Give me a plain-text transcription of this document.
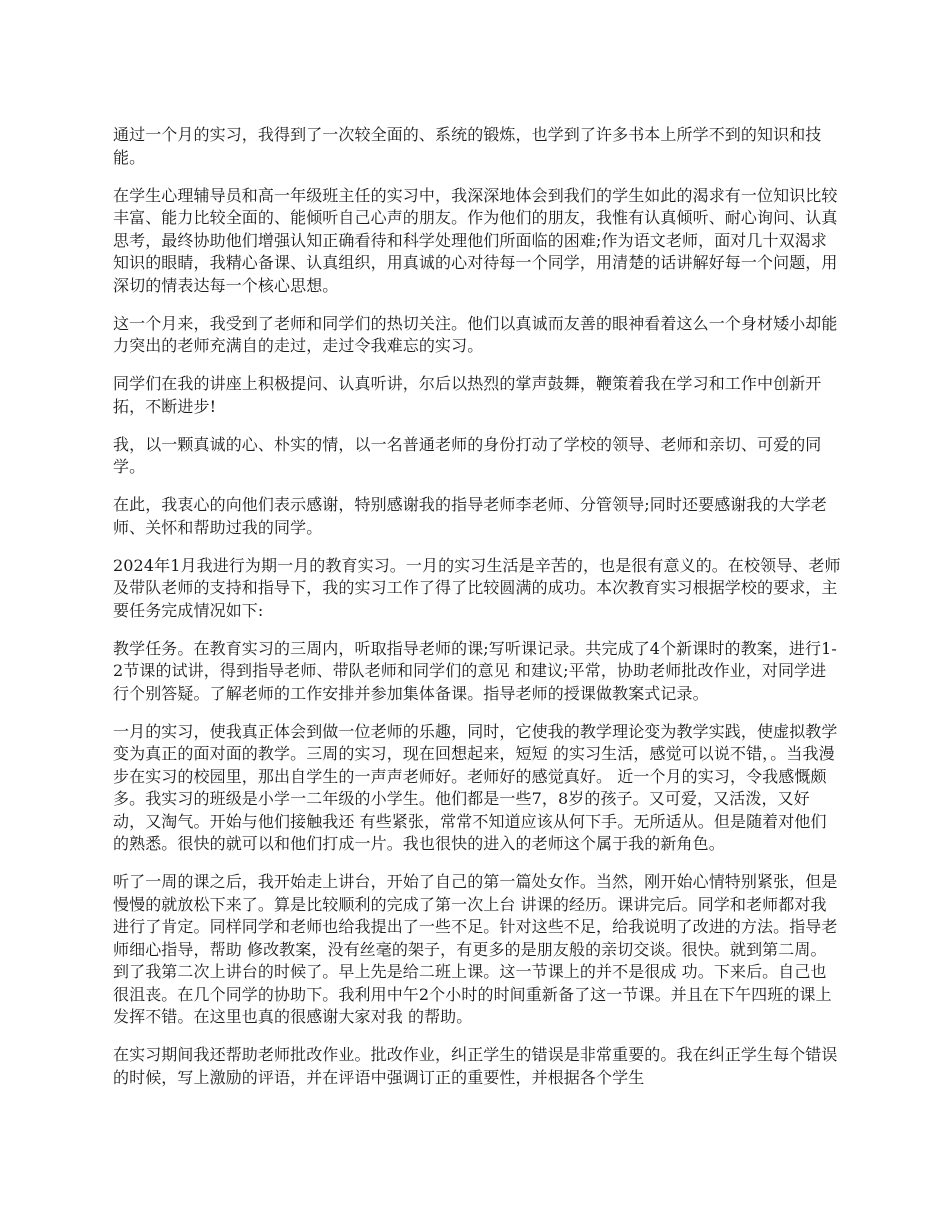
通过一个月的实习，我得到了一次较全面的、系统的锻炼，也学到了许多书本上所学不到的知识和技能。

在学生心理辅导员和高一年级班主任的实习中，我深深地体会到我们的学生如此的渴求有一位知识比较丰富、能力比较全面的、能倾听自己心声的朋友。作为他们的朋友，我惟有认真倾听、耐心询问、认真思考，最终协助他们增强认知正确看待和科学处理他们所面临的困难;作为语文老师，面对几十双渴求知识的眼睛，我精心备课、认真组织，用真诚的心对待每一个同学，用清楚的话讲解好每一个问题，用深切的情表达每一个核心思想。

这一个月来，我受到了老师和同学们的热切关注。他们以真诚而友善的眼神看着这么一个身材矮小却能力突出的老师充满自的走过，走过令我难忘的实习。

同学们在我的讲座上积极提问、认真听讲，尔后以热烈的掌声鼓舞，鞭策着我在学习和工作中创新开拓，不断进步!

我，以一颗真诚的心、朴实的情，以一名普通老师的身份打动了学校的领导、老师和亲切、可爱的同学。

在此，我衷心的向他们表示感谢，特别感谢我的指导老师李老师、分管领导;同时还要感谢我的大学老师、关怀和帮助过我的同学。

2024年1月我进行为期一月的教育实习。一月的实习生活是辛苦的，也是很有意义的。在校领导、老师及带队老师的支持和指导下，我的实习工作了得了比较圆满的成功。本次教育实习根据学校的要求，主要任务完成情况如下:

教学任务。在教育实习的三周内，听取指导老师的课;写听课记录。共完成了4个新课时的教案，进行1-2节课的试讲，得到指导老师、带队老师和同学们的意见 和建议;平常，协助老师批改作业，对同学进行个别答疑。了解老师的工作安排并参加集体备课。指导老师的授课做教案式记录。

一月的实习，使我真正体会到做一位老师的乐趣，同时，它使我的教学理论变为教学实践，使虚拟教学变为真正的面对面的教学。三周的实习，现在回想起来，短短 的实习生活，感觉可以说不错，。当我漫步在实习的校园里，那出自学生的一声声老师好。老师好的感觉真好。 近一个月的实习，令我感慨颇多。我实习的班级是小学一二年级的小学生。他们都是一些7，8岁的孩子。又可爱，又活泼，又好动，又淘气。开始与他们接触我还 有些紧张，常常不知道应该从何下手。无所适从。但是随着对他们的熟悉。很快的就可以和他们打成一片。我也很快的进入的老师这个属于我的新角色。

听了一周的课之后，我开始走上讲台，开始了自己的第一篇处女作。当然，刚开始心情特别紧张，但是慢慢的就放松下来了。算是比较顺利的完成了第一次上台 讲课的经历。课讲完后。同学和老师都对我进行了肯定。同样同学和老师也给我提出了一些不足。针对这些不足，给我说明了改进的方法。指导老师细心指导，帮助 修改教案，没有丝毫的架子，有更多的是朋友般的亲切交谈。很快。就到第二周。到了我第二次上讲台的时候了。早上先是给二班上课。这一节课上的并不是很成 功。下来后。自己也很沮丧。在几个同学的协助下。我利用中午2个小时的时间重新备了这一节课。并且在下午四班的课上发挥不错。在这里也真的很感谢大家对我 的帮助。

在实习期间我还帮助老师批改作业。批改作业，纠正学生的错误是非常重要的。我在纠正学生每个错误的时候，写上激励的评语，并在评语中强调订正的重要性，并根据各个学生
